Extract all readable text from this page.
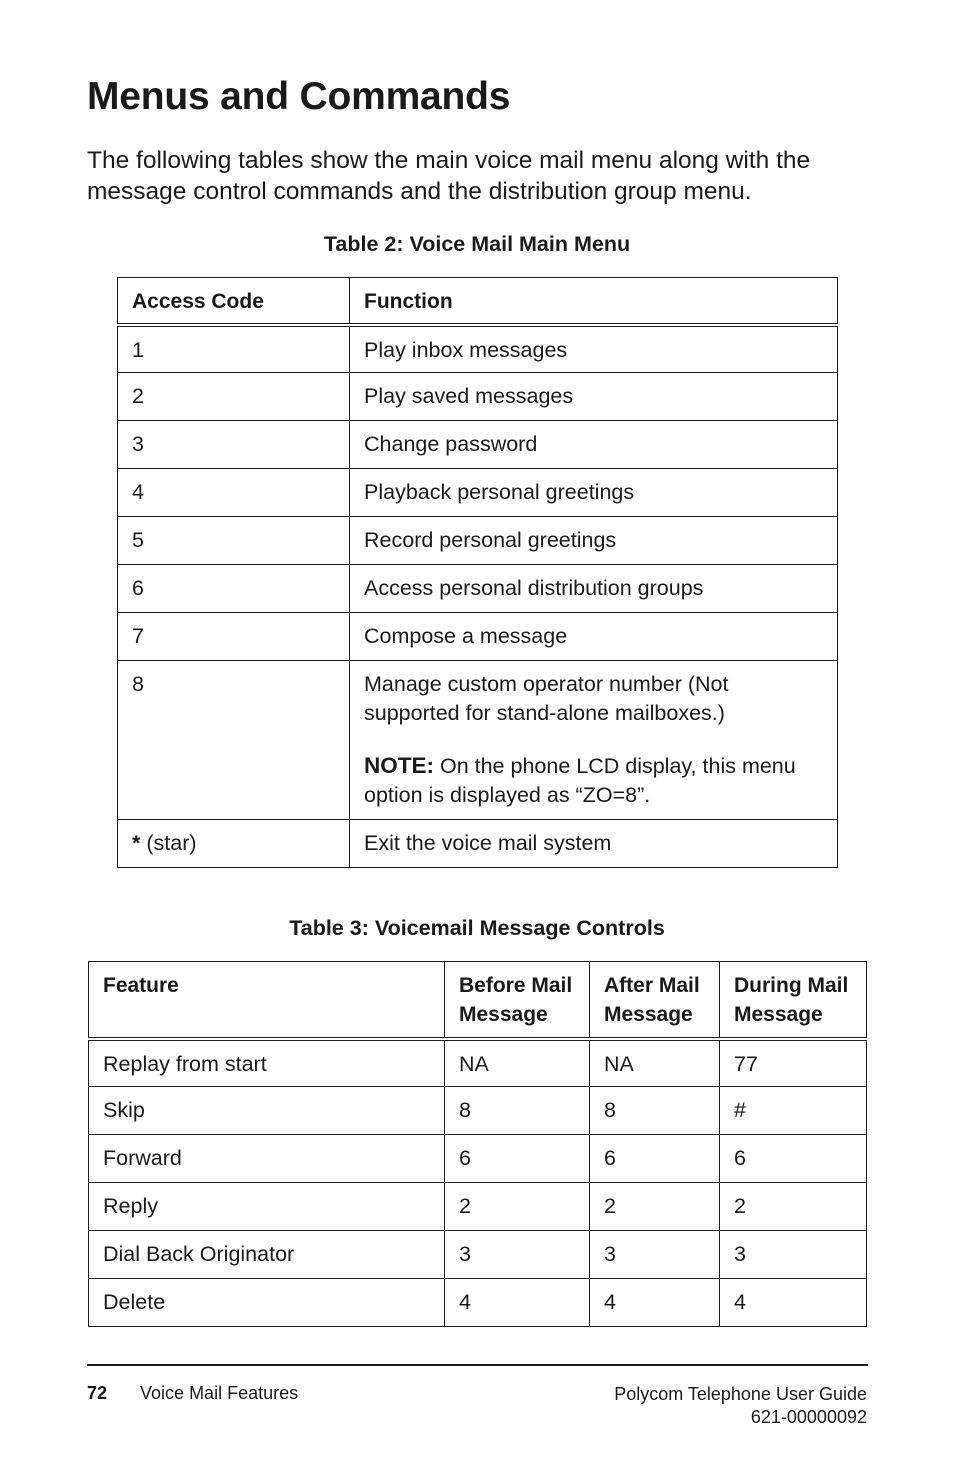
Menus and Commands

The following tables show the main voice mail menu along with the message control commands and the distribution group menu.

Table 2: Voice Mail Main Menu

Access Code	Function
1	Play inbox messages
2	Play saved messages
3	Change password
4	Playback personal greetings
5	Record personal greetings
6	Access personal distribution groups
7	Compose a message
8	Manage custom operator number (Not supported for stand-alone mailboxes.)
NOTE: On the phone LCD display, this menu option is displayed as “ZO=8”.

* (star)	Exit the voice mail system

Table 3: Voicemail Message Controls

Feature	Before Mail Message	After Mail Message	During Mail Message
Replay from start	NA	NA	77
Skip	8	8	#
Forward	6	6	6
Reply	2	2	2
Dial Back Originator	3	3	3
Delete	4	4	4
72 Voice Mail Features	Polycom Telephone User Guide
621-00000092
